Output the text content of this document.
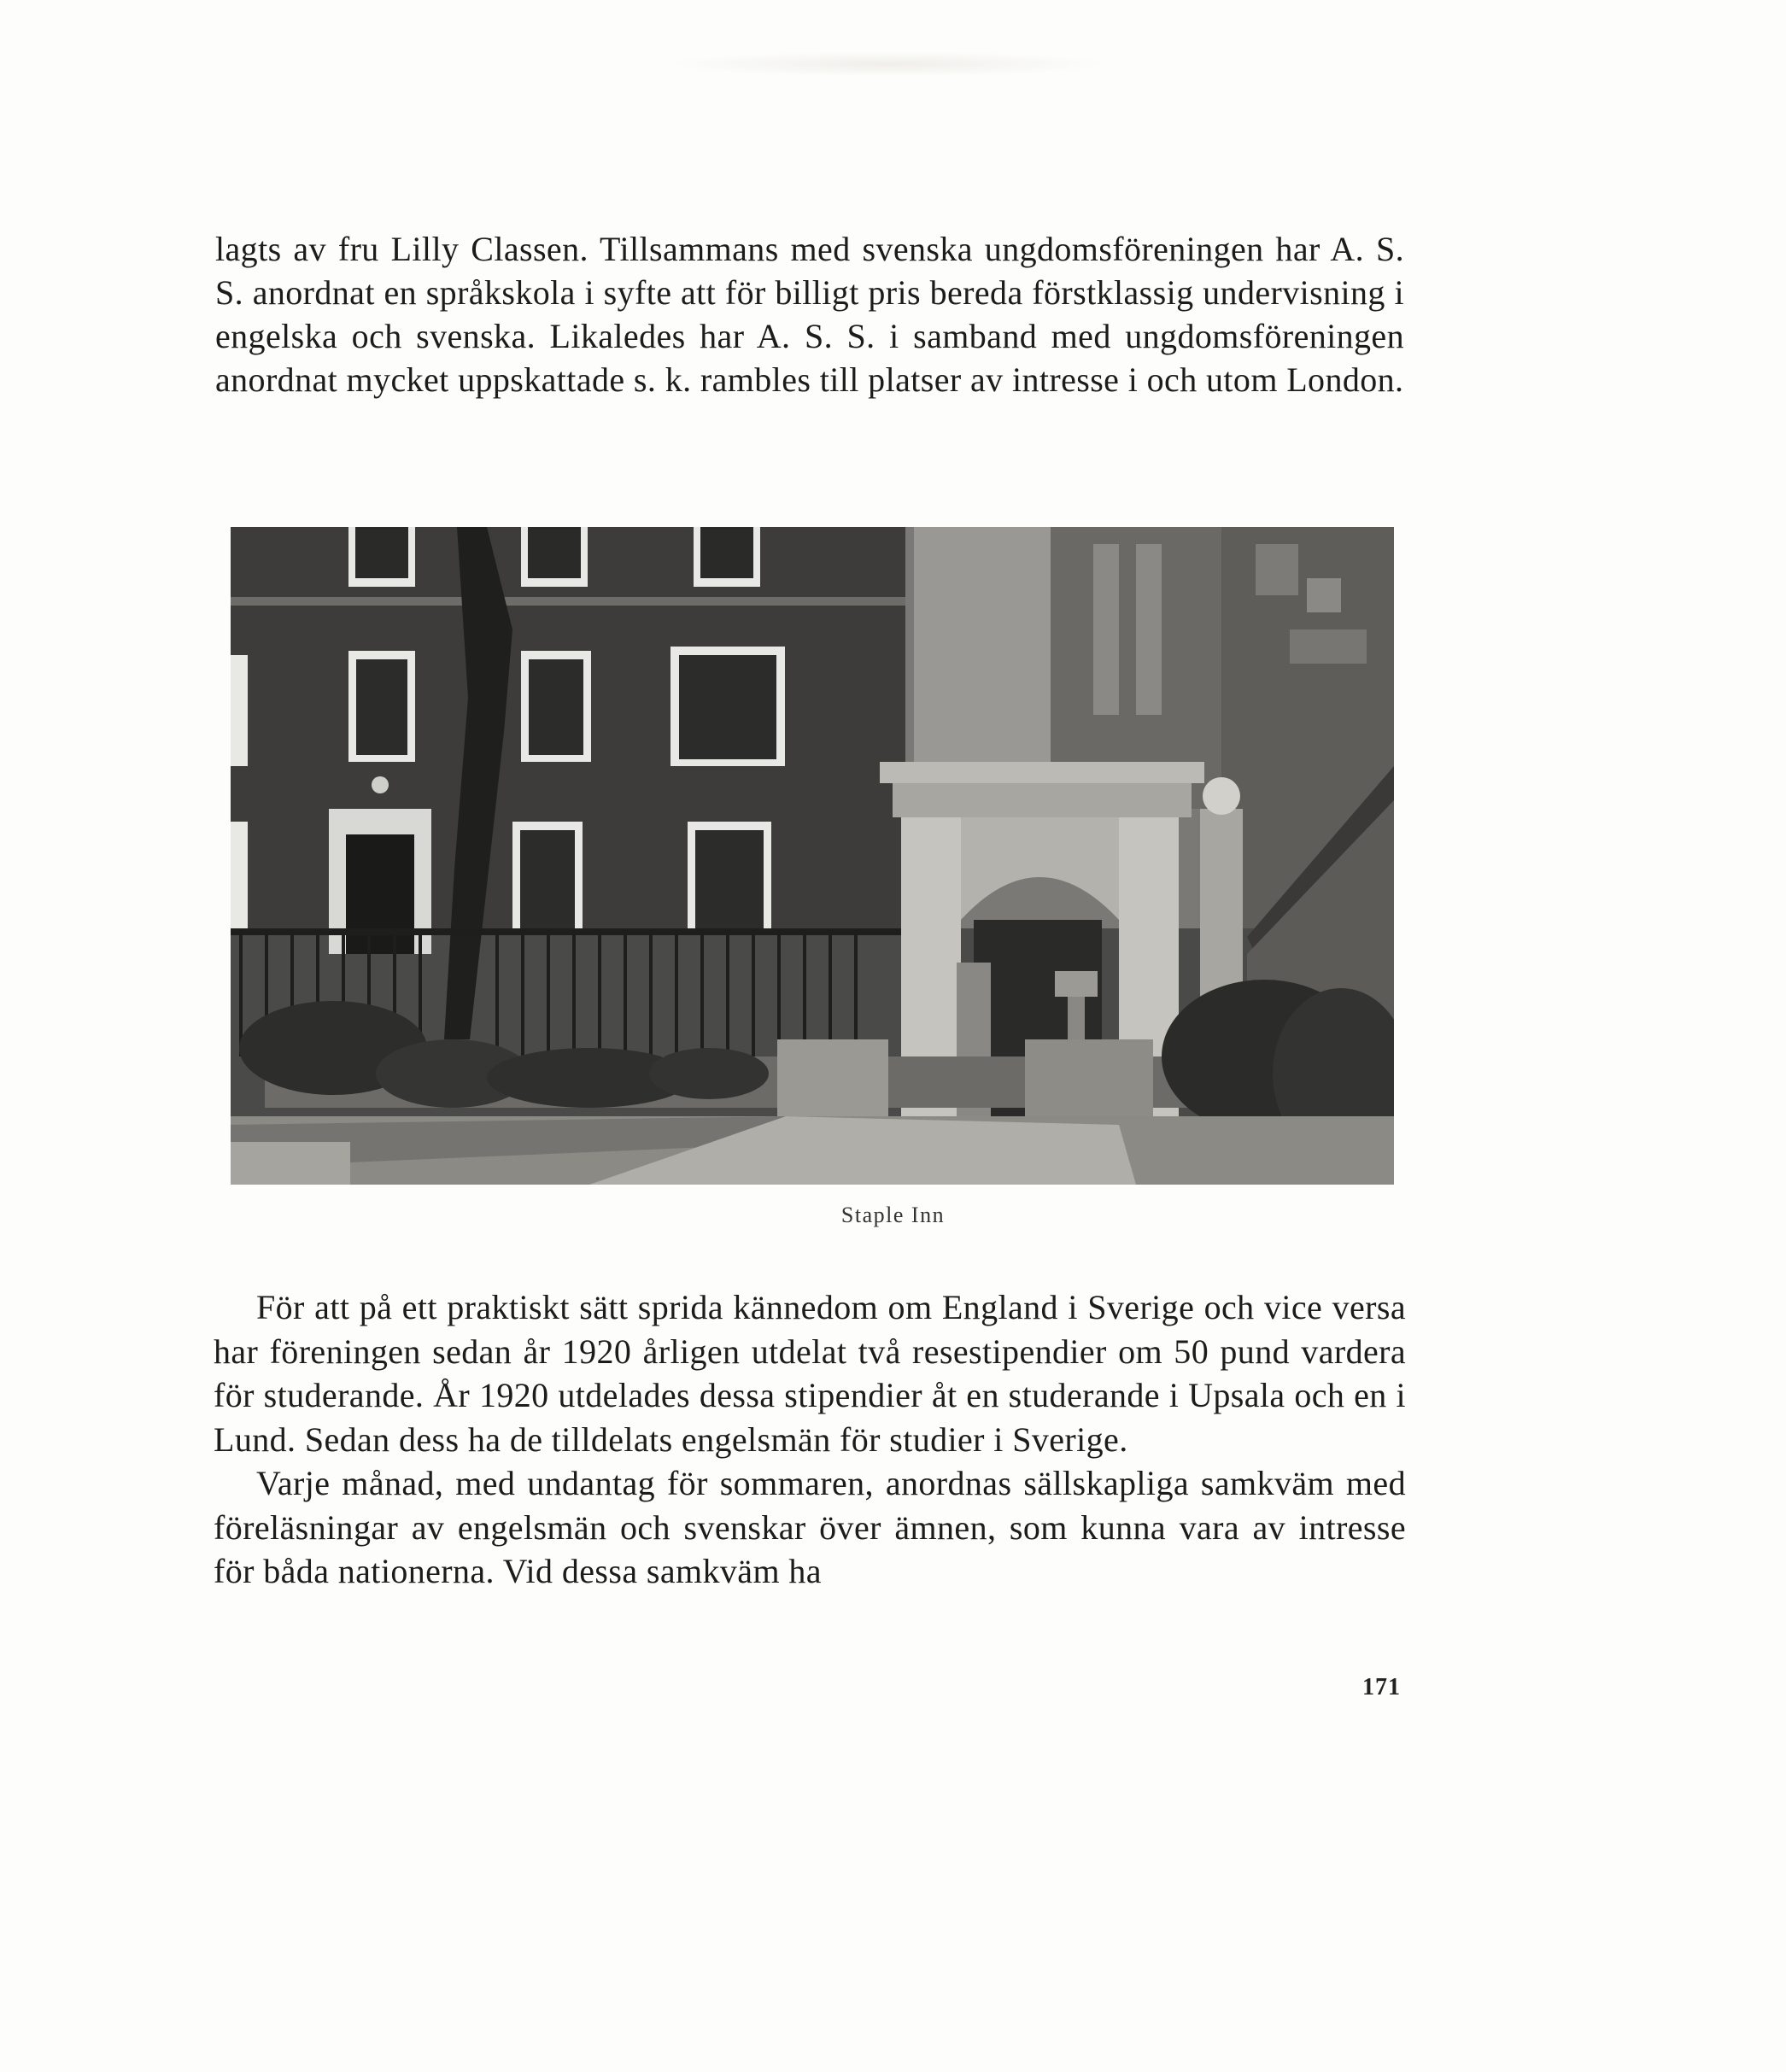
lagts av fru Lilly Classen. Tillsammans med svenska ungdomsföreningen har A. S. S. anordnat en språkskola i syfte att för billigt pris bereda förstklassig undervisning i engelska och svenska. Likaledes har A. S. S. i samband med ungdomsföreningen anordnat mycket uppskattade s. k. rambles till platser av intresse i och utom London.

Staple Inn

För att på ett praktiskt sätt sprida kännedom om England i Sverige och vice versa har föreningen sedan år 1920 årligen utdelat två resestipendier om 50 pund vardera för studerande. År 1920 utdelades dessa stipendier åt en studerande i Upsala och en i Lund. Sedan dess ha de tilldelats engelsmän för studier i Sverige.

Varje månad, med undantag för sommaren, anordnas sällskapliga samkväm med föreläsningar av engelsmän och svenskar över ämnen, som kunna vara av intresse för båda nationerna. Vid dessa samkväm ha

171
